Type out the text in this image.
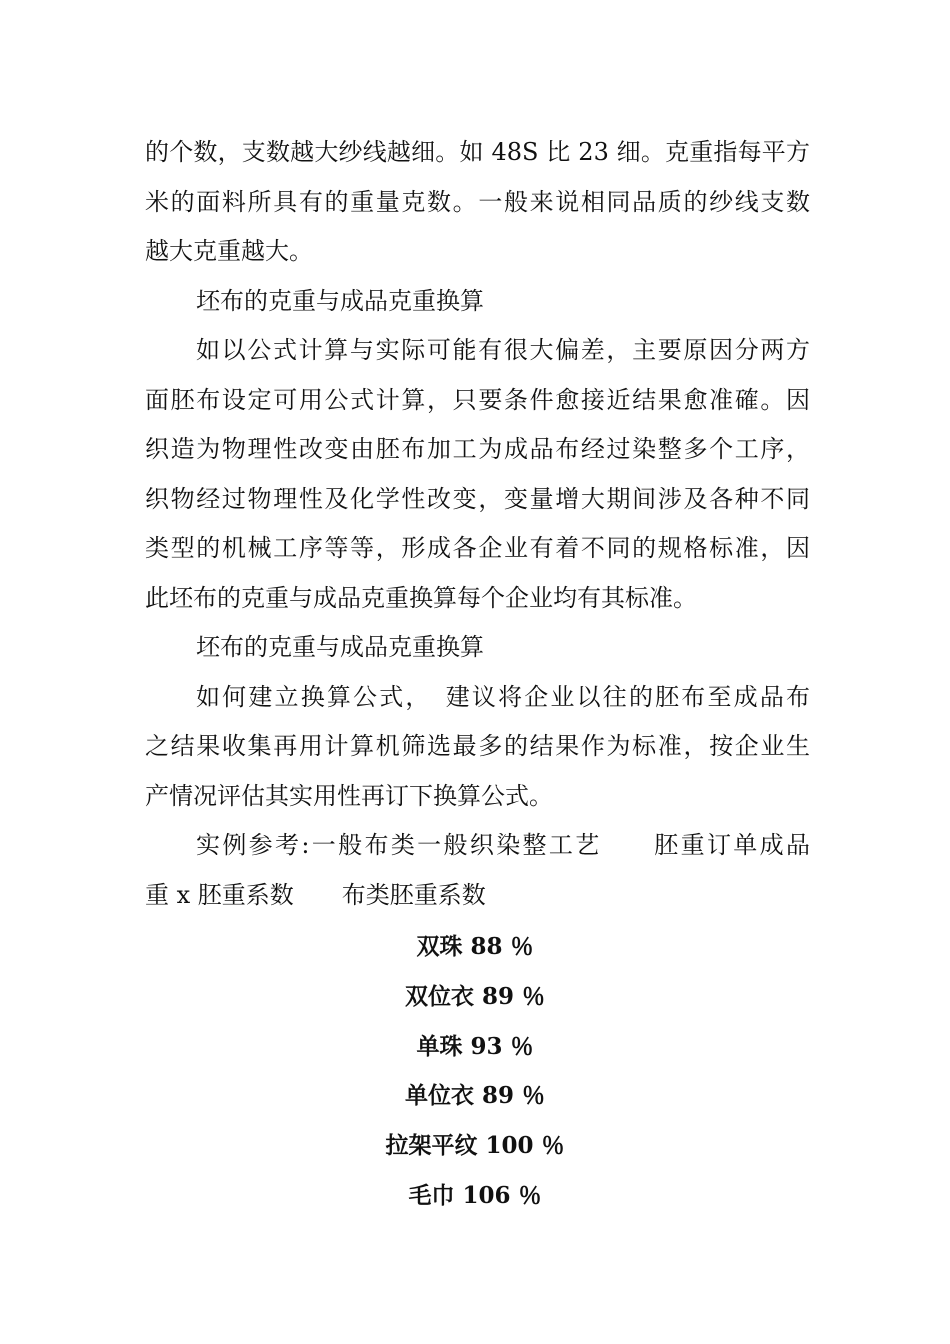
的个数，支数越大纱线越细。如 48S 比 23 细。克重指每平方
米的面料所具有的重量克数。一般来说相同品质的纱线支数
越大克重越大。
坯布的克重与成品克重换算
如以公式计算与实际可能有很大偏差，主要原因分两方
面胚布设定可用公式计算，只要条件愈接近结果愈准確。因
织造为物理性改变由胚布加工为成品布经过染整多个工序，
织物经过物理性及化学性改变，变量增大期间涉及各种不同
类型的机械工序等等，形成各企业有着不同的规格标准，因
此坯布的克重与成品克重换算每个企业均有其标准。
坯布的克重与成品克重换算
如何建立换算公式，　建议将企业以往的胚布至成品布
之结果收集再用计算机筛选最多的结果作为标准，按企业生
产情况评估其实用性再订下换算公式。
实例参考:一般布类一般织染整工艺　　胚重订单成品
重 x 胚重系数　　布类胚重系数
双珠 88 ％
双位衣 89 ％
单珠 93 ％
单位衣 89 ％
拉架平纹 100 ％
毛巾 106 ％
